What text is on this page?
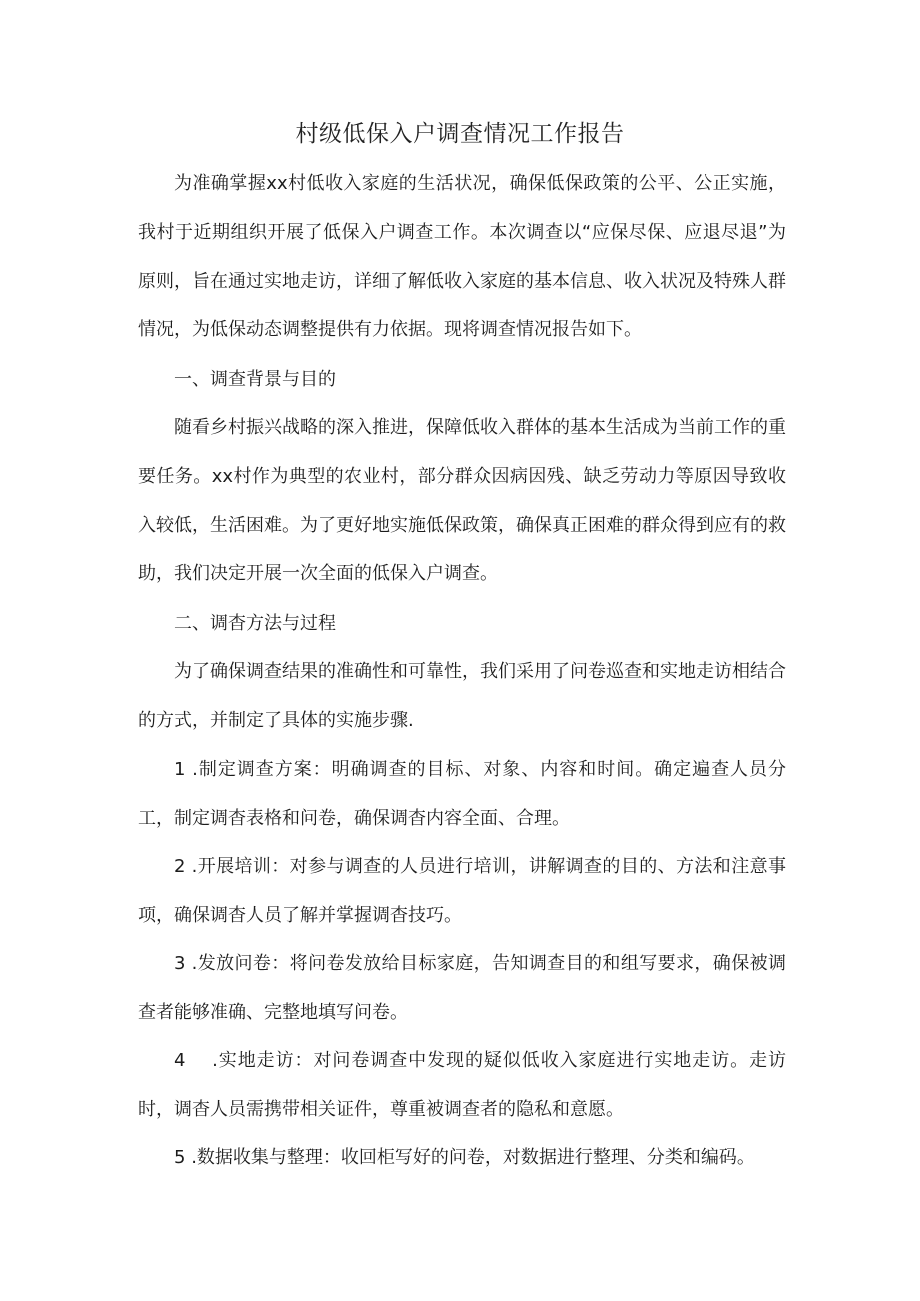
村级低保入户调查情况工作报告

为准确掌握xx村低收入家庭的生活状况，确保低保政策的公平、公正实施，我村于近期组织开展了低保入户调查工作。本次调查以“应保尽保、应退尽退”为原则，旨在通过实地走访，详细了解低收入家庭的基本信息、收入状况及特殊人群情况，为低保动态调整提供有力依据。现将调查情况报告如下。

一、调查背景与目的

随看乡村振兴战略的深入推进，保障低收入群体的基本生活成为当前工作的重要任务。xx村作为典型的农业村，部分群众因病因残、缺乏劳动力等原因导致收入较低，生活困难。为了更好地实施低保政策，确保真正困难的群众得到应有的救助，我们决定开展一次全面的低保入户调查。

二、调杳方法与过程

为了确保调查结果的准确性和可靠性，我们采用了问卷巡查和实地走访相结合的方式，并制定了具体的实施步骤.

1 .制定调查方案：明确调查的目标、对象、内容和时间。确定遍查人员分工，制定调杳表格和问卷，确保调杳内容全面、合理。

2 .开展培训：对参与调查的人员进行培训，讲解调查的目的、方法和注意事项，确保调杳人员了解并掌握调杳技巧。

3 .发放问卷：将问卷发放给目标家庭，告知调查目的和组写要求，确保被调查者能够准确、完整地填写问卷。

4 .实地走访：对问卷调查中发现的疑似低收入家庭进行实地走访。走访时，调杳人员需携带相关证件，尊重被调查者的隐私和意愿。

5 .数据收集与整理：收回柜写好的问卷，对数据进行整理、分类和编码。
